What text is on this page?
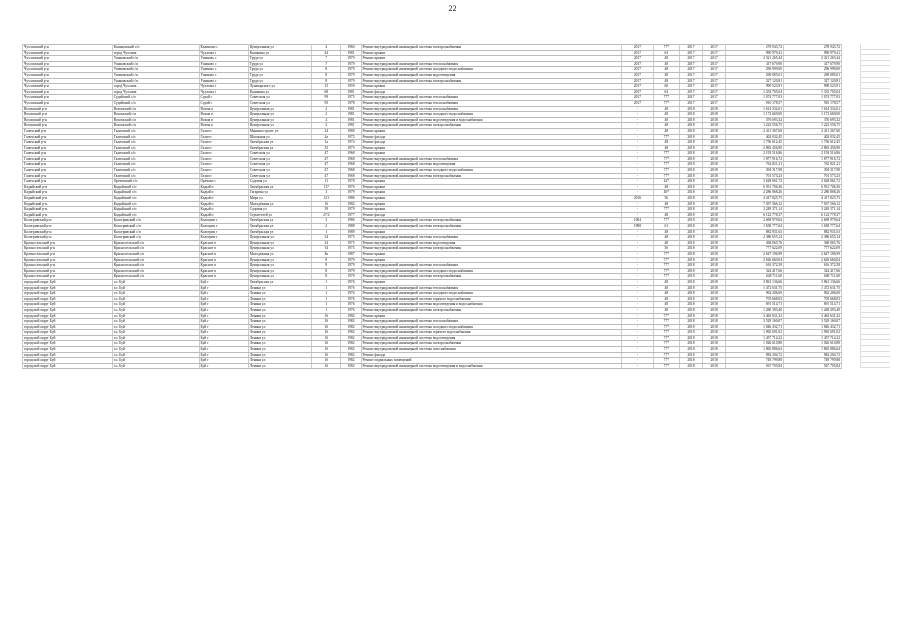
22
Чухломский р-н	Калиновский с/п	Калиново с	Центральная ул	4	1960	Ремонт внутридомовой инженерной системы электроснабжения	2017	77*	2017	2017	278 943,72	278 943,72
Чухломский р-н	город Чухлома	Чухлома г	Калинина ул	44	1981	Ремонт крыши	2017	63	2017	2017	990 979,41	990 979,41
Чухломский р-н	Ушаковский с/п	Ушаково с	Труда ул	7	1979	Ремонт крыши	2017	48	2017	2017	2 321 265,44	2 321 265,44
Чухломский р-н	Ушаковский с/п	Ушаково с	Труда ул	7	1979	Ремонт внутридомовой инженерной системы теплоснабжения	2017	48	2017	2017	417 679,90	417 679,90
Чухломский р-н	Ушаковский с/п	Ушаково с	Труда ул	8	1979	Ремонт внутридомовой инженерной системы холодного водоснабжения	2017	48	2017	2017	296 999,00	296 999,00
Чухломский р-н	Ушаковский с/п	Ушаково с	Труда ул	8	1979	Ремонт внутридомовой инженерной системы водоотведения	2017	48	2017	2017	290 085,01	290 085,01
Чухломский р-н	Ушаковский с/п	Ушаково с	Труда ул	8	1979	Ремонт внутридомовой инженерной системы электроснабжения	2017	48	2017	2017	327 120,81	327 120,81
Чухломский р-н	город Чухлома	Чухлома г	Луначарского ул	15	1959	Ремонт крыши	2017	60	2017	2017	990 523,91	990 523,91
Чухломский р-н	город Чухлома	Чухлома г	Калинина ул	68	1981	Ремонт фасада	2017	63	2017	2017	1 333 705,04	1 333 705,04
Чухломский р-н	Судайский с/п	Судай с	Советская ул	99	1975	Ремонт внутридомовой инженерной системы теплоснабжения	2017	77*	2017	2017	1 074 777,03	1 074 777,03
Чухломский р-н	Судайский с/п	Судай с	Советская ул	95	1978	Ремонт внутридомовой инженерной системы теплоснабжения	2017	77*	2017	2017	910 178,57	910 178,57
Вохомский р-н	Вохомский с/п	Вохма п	Центральная ул	2	1981	Ремонт внутридомовой инженерной системы теплоснабжения	-	48	2018	2018	1 614 332,61	1 614 332,61
Вохомский р-н	Вохомский с/п	Вохма п	Центральная ул	2	1981	Ремонт внутридомовой инженерной системы холодного водоснабжения	-	48	2018	2018	1 172 669,00	1 172 669,00
Вохомский р-н	Вохомский с/п	Вохма п	Центральная ул	2	1981	Ремонт внутридомовой инженерной системы водоотведения и водоснабжения	-	48	2018	2018	376 693,32	376 693,32
Вохомский р-н	Вохомский с/п	Вохма п	Центральная ул	2	1981	Ремонт внутридомовой инженерной системы электроснабжения	-	48	2018	2018	1 223 556,75	1 223 556,75
Галичский р-н	Галичский с/п	Галич г	Машиностроит. ул	24	1980	Ремонт крыши	-	48	2018	2018	2 411 367,60	2 411 367,60
Галичский р-н	Галичский с/п	Галич г	Школьная ул	2а	1975	Ремонт фасада	-	77*	2018	2018	402 032,45	402 032,45
Галичский р-н	Галичский с/п	Галич г	Октябрьская ул	1а	1974	Ремонт фасада	-	48	2018	2018	1 756 612,45	1 756 612,45
Галичский р-н	Галичский с/п	Галич г	Октябрьская ул	35	1975	Ремонт крыши	-	48	2018	2018	2 863 456,90	2 863 456,90
Галичский р-н	Галичский с/п	Галич г	Советская ул	47	1968	Ремонт крыши	-	77*	2018	2018	2 193 516,86	2 193 516,86
Галичский р-н	Галичский с/п	Галич г	Советская ул	47	1968	Ремонт внутридомовой инженерной системы теплоснабжения	-	77*	2018	2018	1 877 916,72	1 877 916,72
Галичский р-н	Галичский с/п	Галич г	Советская ул	47	1968	Ремонт внутридомовой инженерной системы водоотведения	-	77*	2018	2018	762 821,21	762 821,21
Галичский р-н	Галичский с/п	Галич г	Советская ул	47	1968	Ремонт внутридомовой инженерной системы холодного водоснабжения	-	77*	2018	2018	394 317,98	394 317,98
Галичский р-н	Галичский с/п	Галич г	Советская ул	47	1968	Ремонт внутридомовой инженерной системы электроснабжения	-	77*	2018	2018	701 573,23	701 573,23
Галичский р-н	Ореховский с/п	Орехово с	Садовая ул	11	1978	Ремонт крыши	-	42*	2018	2018	3 628 061,72	3 628 061,72
Кадыйский р-н	Кадыйский с/п	Кадый п	Октябрьская ул	117	1976	Ремонт крыши	-	48	2018	2018	6 931 706,36	6 931 706,36
Кадыйский р-н	Кадыйский с/п	Кадый п	Гагарина ул	3	1979	Ремонт крыши	-	46*	2018	2018	2 286 868,26	2 286 868,26
Кадыйский р-н	Кадыйский с/п	Кадый п	Мира ул	121	1986	Ремонт крыши	2016	56	2018	2018	4 417 825,75	4 417 825,75
Кадыйский р-н	Кадыйский с/п	Кадый п	Молодёжная ул	16	1982	Ремонт крыши	-	48	2018	2018	7 037 566,12	7 037 566,12
Кадыйский р-н	Кадыйский с/п	Кадый п	Садовая ул	39	1979	Ремонт крыши	-	77*	2018	2018	3 249 371,14	3 249 371,14
Кадыйский р-н	Кадыйский с/п	Кадый п	Строителей ул	27/2	1977	Ремонт фасада	-	48	2018	2018	6 122 778,37	6 122 778,37
Кологривский р-н	Кологривский с/п	Кологрив г	Октябрьская ул	3	1986	Ремонт внутридомовой инженерной системы электроснабжения	1004	77*	2018	2018	2 669 979,64	2 669 979,64
Кологривский р-н	Кологривский с/п	Кологрив г	Октябрьская ул	2	1988	Ремонт внутридомовой инженерной системы электроснабжения	1988	61	2018	2018	1 638 777,64	1 638 777,64
Кологривский р-н	Кологривский с/п	Кологрив г	Октябрьская ул	1	1989	Ремонт крыши	-	48	2018	2018	882 931,63	882 931,63
Кологривский р-н	Кологривский с/п	Кологрив г	Центральная ул	34	1975	Ремонт внутридомовой инженерной системы теплоснабжения	-	48	2018	2018	2 386 655,14	2 386 655,14
Красносельский р-н	Красносельский с/п	Красное п	Центральная ул	34	1975	Ремонт внутридомовой инженерной системы водоотведения	-	48	2018	2018	368 065,76	368 065,76
Красносельский р-н	Красносельский с/п	Красное п	Центральная ул	34	1975	Ремонт внутридомовой инженерной системы электроснабжения	-	56	2018	2018	777 622,09	777 622,09
Красносельский р-н	Красносельский с/п	Красное п	Молодёжная ул	8а	1987	Ремонт крыши	-	77*	2018	2018	2 647 196,99	2 647 196,99
Красносельский р-н	Красносельский с/п	Красное п	Центральная ул	8	1979	Ремонт крыши	-	77*	2018	2018	2 626 660,04	2 626 660,04
Красносельский р-н	Красносельский с/п	Красное п	Центральная ул	8	1979	Ремонт внутридомовой инженерной системы теплоснабжения	-	77*	2018	2018	616 372,58	616 372,58
Красносельский р-н	Красносельский с/п	Красное п	Центральная ул	8	1979	Ремонт внутридомовой инженерной системы холодного водоснабжения	-	77*	2018	2018	324 417,66	324 417,66
Красносельский р-н	Красносельский с/п	Красное п	Центральная ул	8	1979	Ремонт внутридомовой инженерной системы электроснабжения	-	77*	2018	2018	648 711,60	648 711,60
городской округ Буй	г.о. Буй	Буй г	Октябрьская ул	1	1976	Ремонт крыши	-	48	2018	2018	3 861 136,66	3 861 136,66
городской округ Буй	г.о. Буй	Буй г	Ленина ул	1	1976	Ремонт внутридомовой инженерной системы теплоснабжения	-	48	2018	2018	1 472 631,75	1 472 631,75
городской округ Буй	г.о. Буй	Буй г	Ленина ул	1	1976	Ремонт внутридомовой инженерной системы холодного водоснабжения	-	48	2018	2018	962 206,60	962 206,60
городской округ Буй	г.о. Буй	Буй г	Ленина ул	1	1976	Ремонт внутридомовой инженерной системы горячего водоснабжения	-	48	2018	2018	705 668,03	705 668,03
городской округ Буй	г.о. Буй	Буй г	Ленина ул	1	1976	Ремонт внутридомовой инженерной системы водоотведения и водоснабжения	-	48	2018	2018	691 514,71	691 514,71
городской округ Буй	г.о. Буй	Буй г	Ленина ул	1	1976	Ремонт внутридомовой инженерной системы электроснабжения	-	48	2018	2018	1 260 393,40	1 260 393,40
городской округ Буй	г.о. Буй	Буй г	Ленина ул	16	1982	Ремонт крыши	-	77*	2018	2018	3 463 631,32	3 463 631,32
городской округ Буй	г.о. Буй	Буй г	Ленина ул	16	1982	Ремонт внутридомовой инженерной системы теплоснабжения	-	77*	2018	2018	3 529 160,07	3 529 160,07
городской округ Буй	г.о. Буй	Буй г	Ленина ул	16	1982	Ремонт внутридомовой инженерной системы холодного водоснабжения	-	77*	2018	2018	1 846 432,71	1 846 432,71
городской округ Буй	г.о. Буй	Буй г	Ленина ул	16	1982	Ремонт внутридомовой инженерной системы горячего водоснабжения	-	77*	2018	2018	1 965 691,02	1 965 691,02
городской округ Буй	г.о. Буй	Буй г	Ленина ул	16	1982	Ремонт внутридомовой инженерной системы водоотведения	-	77*	2018	2018	1 457 714,22	1 457 714,22
городской округ Буй	г.о. Буй	Буй г	Ленина ул	16	1982	Ремонт внутридомовой инженерной системы электроснабжения	-	77*	2018	2018	1 026 610,88	1 026 610,88
городской округ Буй	г.о. Буй	Буй г	Ленина ул	16	1982	Ремонт внутридомовой инженерной системы газоснабжения	-	77*	2018	2018	1 865 886,64	1 865 886,64
городской округ Буй	г.о. Буй	Буй г	Ленина ул	16	1982	Ремонт фасада	-	77*	2018	2018	982 204,72	982 204,72
городской округ Буй	г.о. Буй	Буй г	Ленина ул	16	1982	Ремонт подвальных помещений	-	77*	2018	2018	749 799,88	749 799,88
городской округ Буй	г.о. Буй	Буй г	Ленина ул	16	1982	Ремонт внутридомовой инженерной системы водоотведения и водоснабжения	-	77*	2018	2018	567 705,84	567 705,84
